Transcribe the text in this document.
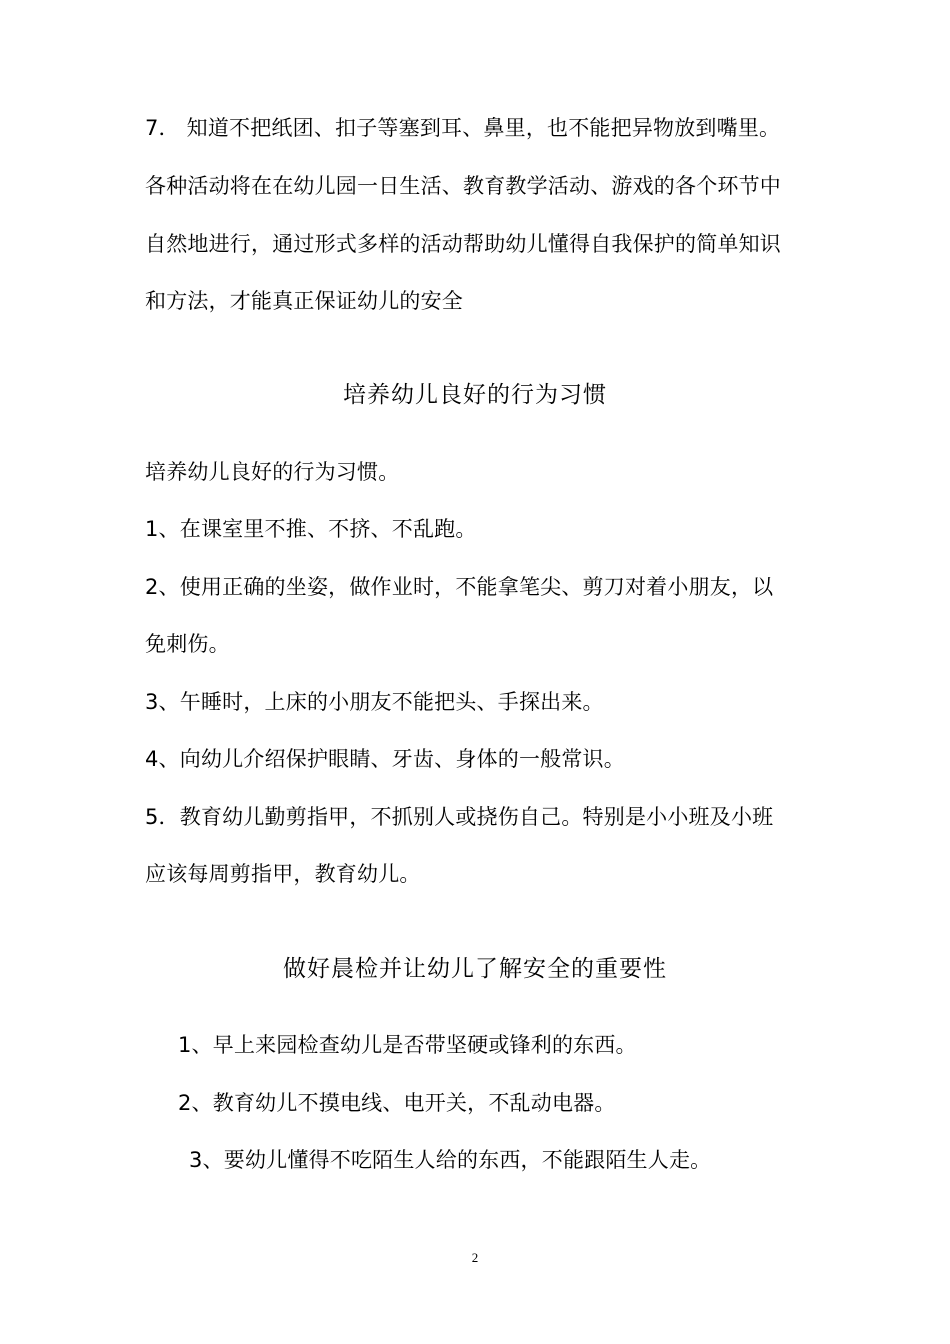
7． 知道不把纸团、扣子等塞到耳、鼻里，也不能把异物放到嘴里。
各种活动将在在幼儿园一日生活、教育教学活动、游戏的各个环节中
自然地进行，通过形式多样的活动帮助幼儿懂得自我保护的简单知识
和方法，才能真正保证幼儿的安全
培养幼儿良好的行为习惯
培养幼儿良好的行为习惯。
1、在课室里不推、不挤、不乱跑。
2、使用正确的坐姿，做作业时，不能拿笔尖、剪刀对着小朋友，以
免刺伤。
3、午睡时，上床的小朋友不能把头、手探出来。
4、向幼儿介绍保护眼睛、牙齿、身体的一般常识。
5．教育幼儿勤剪指甲，不抓别人或挠伤自己。特别是小小班及小班
应该每周剪指甲，教育幼儿。
做好晨检并让幼儿了解安全的重要性
1、早上来园检查幼儿是否带坚硬或锋利的东西。
2、教育幼儿不摸电线、电开关，不乱动电器。
3、要幼儿懂得不吃陌生人给的东西，不能跟陌生人走。
2
